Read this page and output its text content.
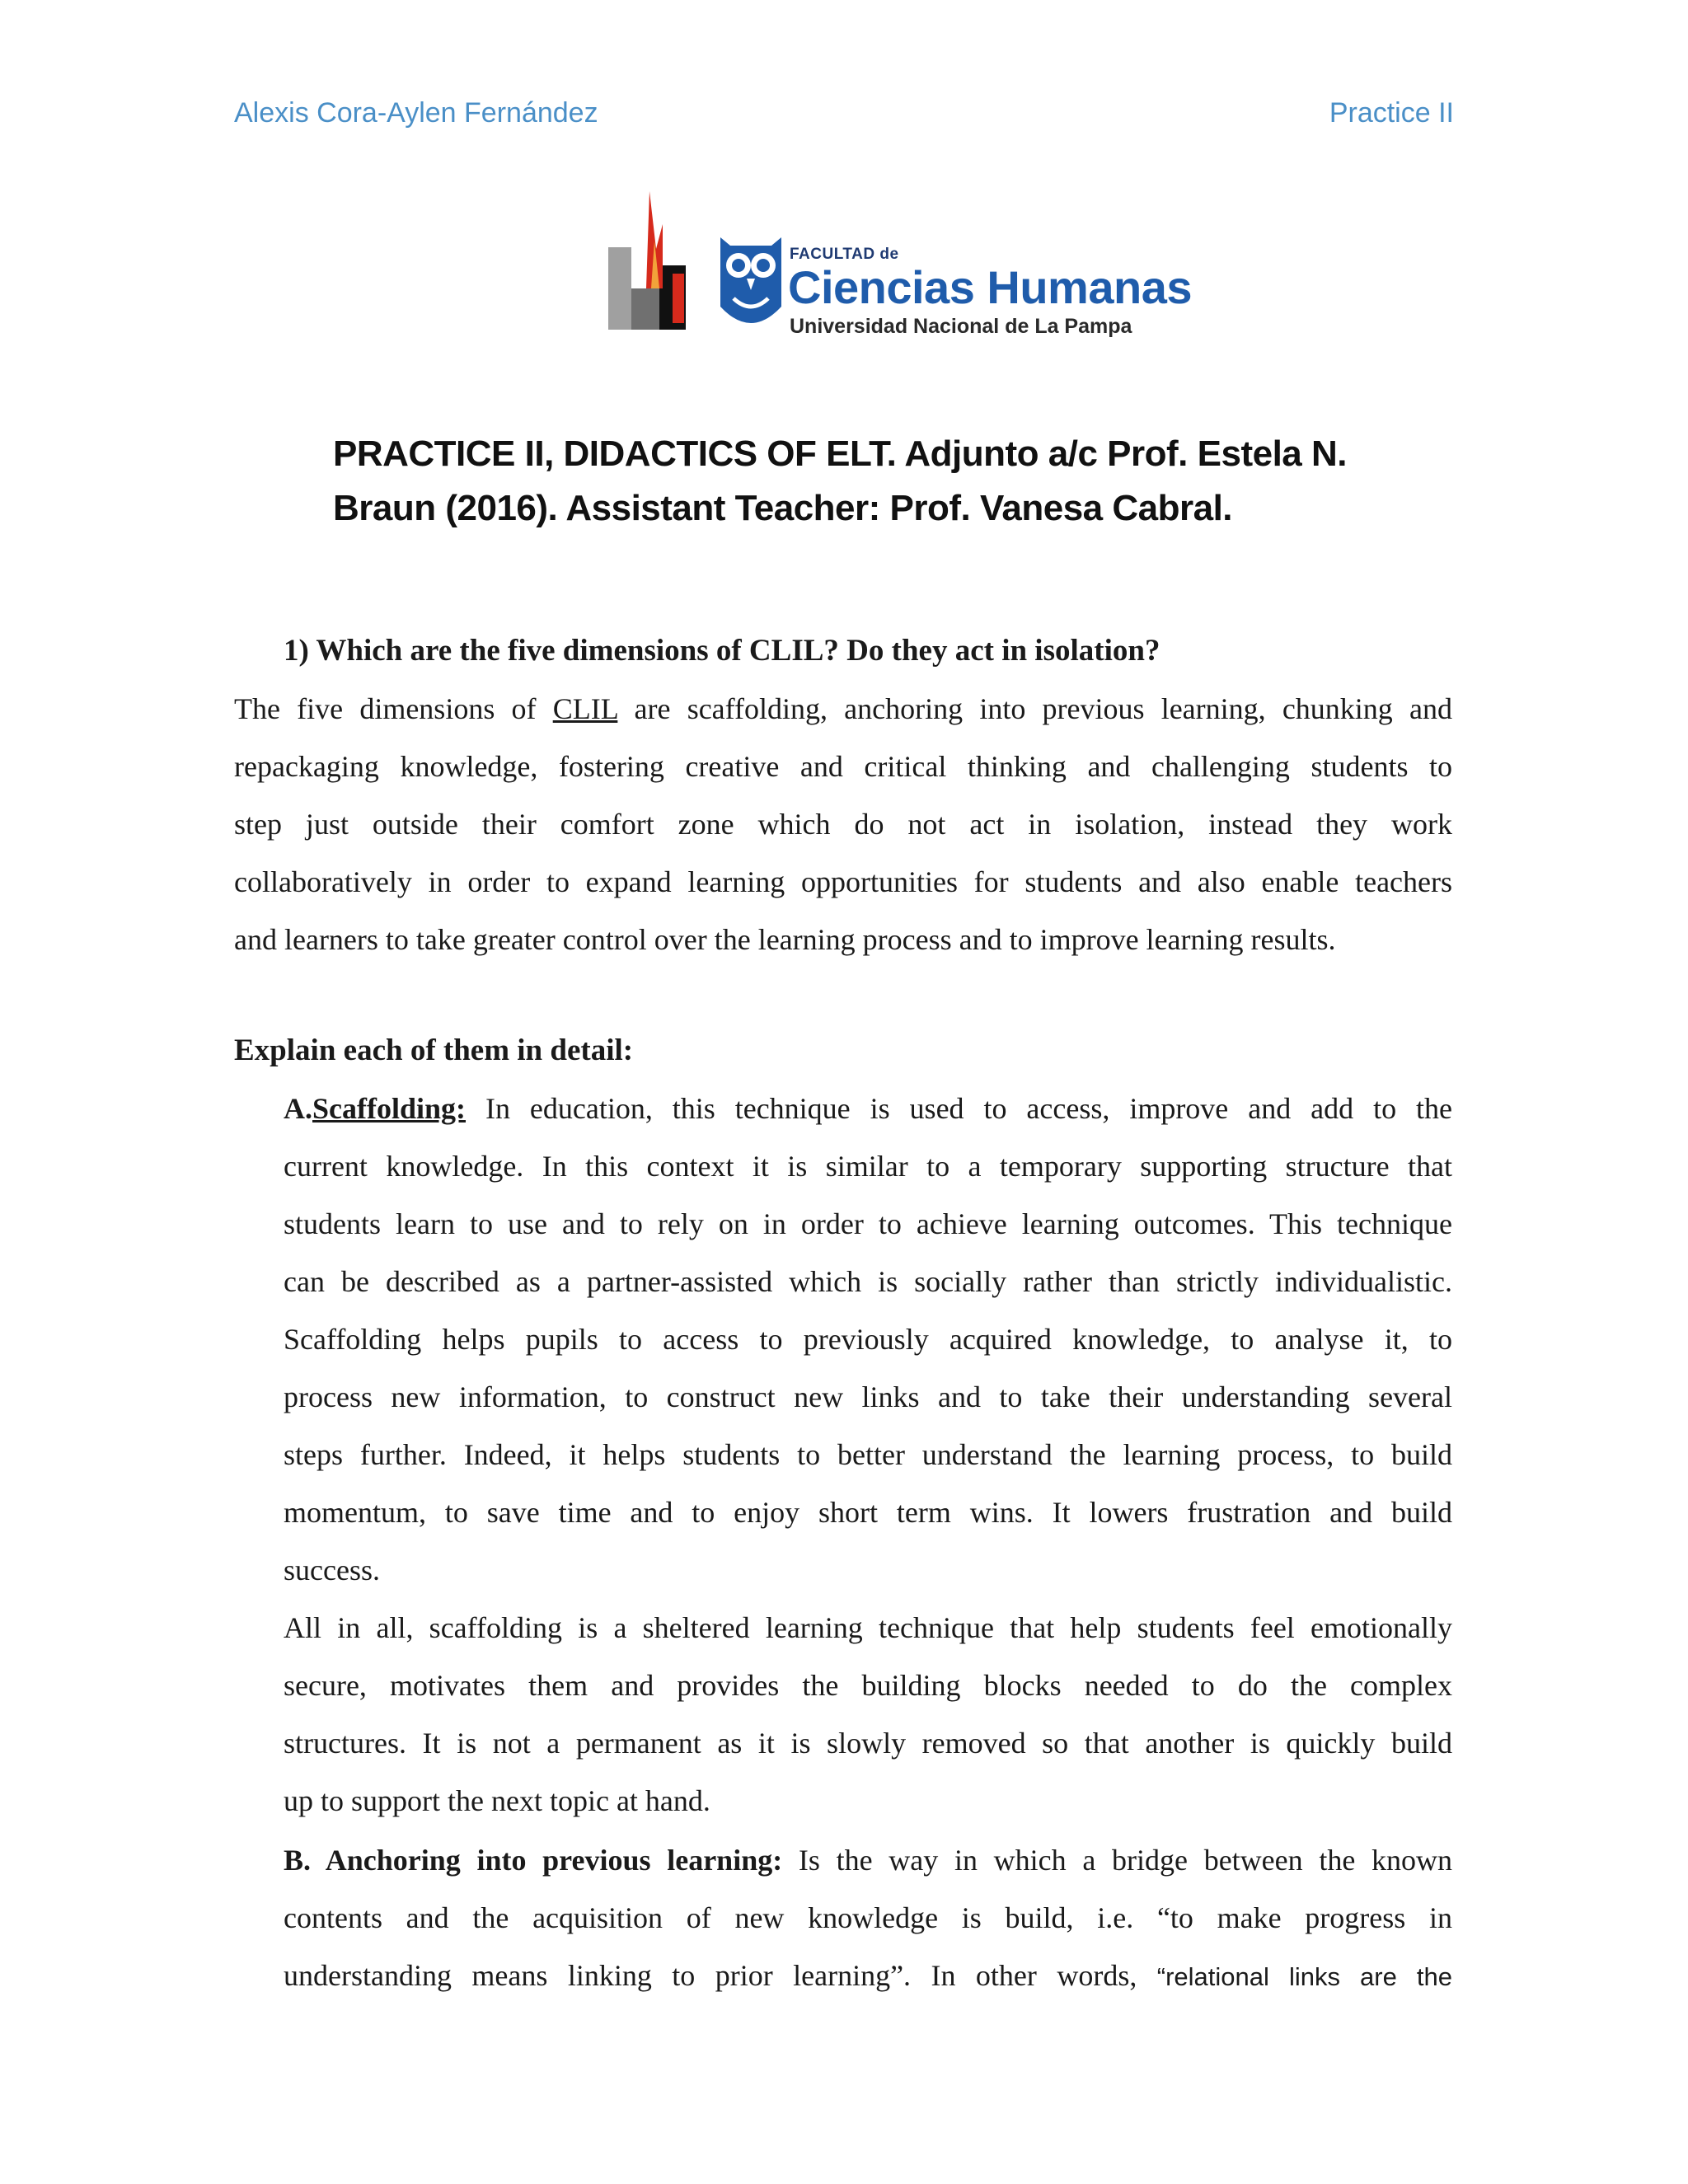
Alexis Cora-Aylen Fernández	Practice II
FACULTAD de
Ciencias Humanas
Universidad Nacional de La Pampa
PRACTICE II, DIDACTICS OF ELT. Adjunto a/c Prof. Estela N.
Braun (2016). Assistant Teacher: Prof. Vanesa Cabral.
1) Which are the five dimensions of CLIL? Do they act in isolation?
The five dimensions of CLIL are scaffolding, anchoring into previous learning, chunking and
repackaging knowledge, fostering creative and critical thinking and challenging students to
step just outside their comfort zone which do not act in isolation, instead they work
collaboratively in order to expand learning opportunities for students and also enable teachers
and learners to take greater control over the learning process and to improve learning results.
Explain each of them in detail:
A.Scaffolding: In education, this technique is used to access, improve and add to the
current knowledge. In this context it is similar to a temporary supporting structure that
students learn to use and to rely on in order to achieve learning outcomes. This technique
can be described as a partner-assisted which is socially rather than strictly individualistic.
Scaffolding helps pupils to access to previously acquired knowledge, to analyse it, to
process new information, to construct new links and to take their understanding several
steps further. Indeed, it helps students to better understand the learning process, to build
momentum, to save time and to enjoy short term wins. It lowers frustration and build
success.
All in all, scaffolding is a sheltered learning technique that help students feel emotionally
secure, motivates them and provides the building blocks needed to do the complex
structures. It is not a permanent as it is slowly removed so that another is quickly build
up to support the next topic at hand.
B. Anchoring into previous learning: Is the way in which a bridge between the known
contents and the acquisition of new knowledge is build, i.e. “to make progress in
understanding means linking to prior learning”. In other words, “relational links are the
